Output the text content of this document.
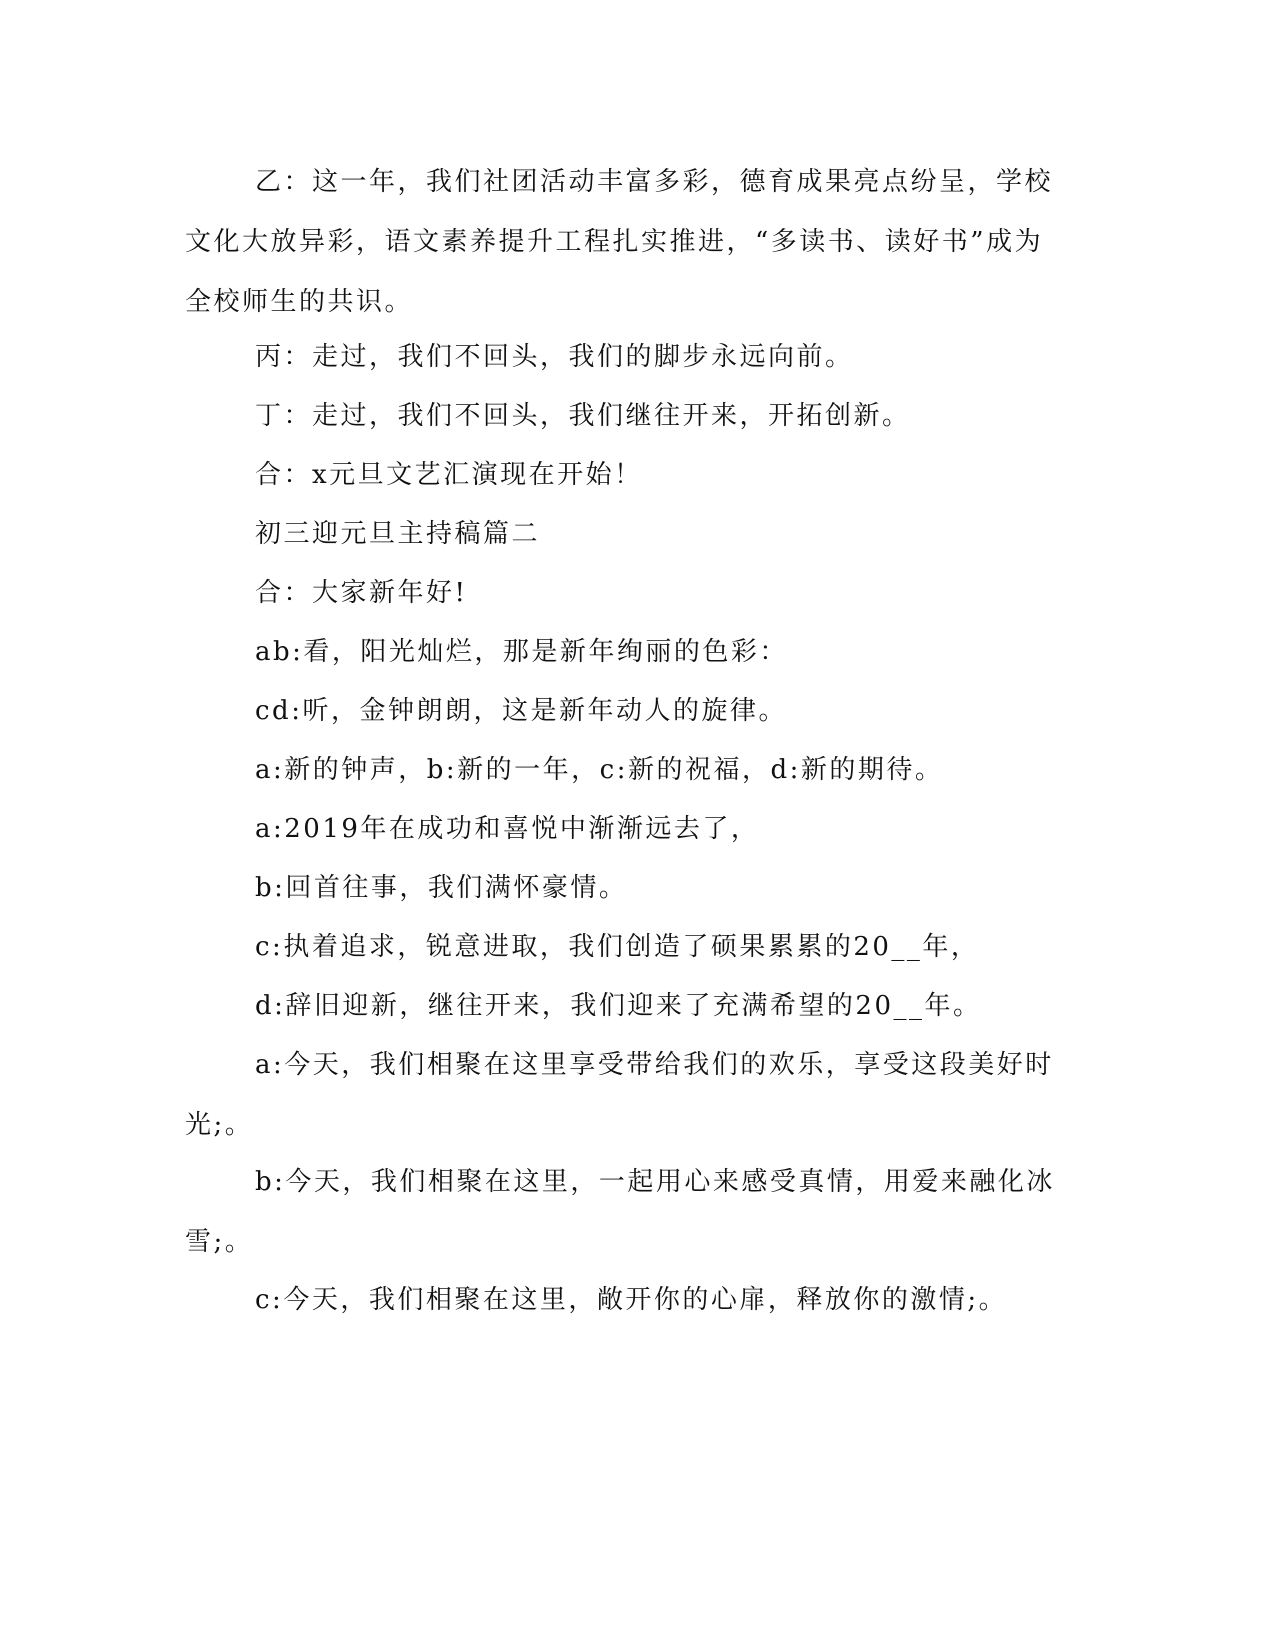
乙：这一年，我们社团活动丰富多彩，德育成果亮点纷呈，学校文化大放异彩，语文素养提升工程扎实推进，“多读书、读好书”成为全校师生的共识。

丙：走过，我们不回头，我们的脚步永远向前。

丁：走过，我们不回头，我们继往开来，开拓创新。

合：x元旦文艺汇演现在开始！

初三迎元旦主持稿篇二

合：大家新年好!

ab:看，阳光灿烂，那是新年绚丽的色彩：

cd:听，金钟朗朗，这是新年动人的旋律。

a:新的钟声，b:新的一年，c:新的祝福，d:新的期待。

a:2019年在成功和喜悦中渐渐远去了，

b:回首往事，我们满怀豪情。

c:执着追求，锐意进取，我们创造了硕果累累的20__年，

d:辞旧迎新，继往开来，我们迎来了充满希望的20__年。

a:今天，我们相聚在这里享受带给我们的欢乐，享受这段美好时光;。

b:今天，我们相聚在这里，一起用心来感受真情，用爱来融化冰雪;。

c:今天，我们相聚在这里，敞开你的心扉，释放你的激情;。
